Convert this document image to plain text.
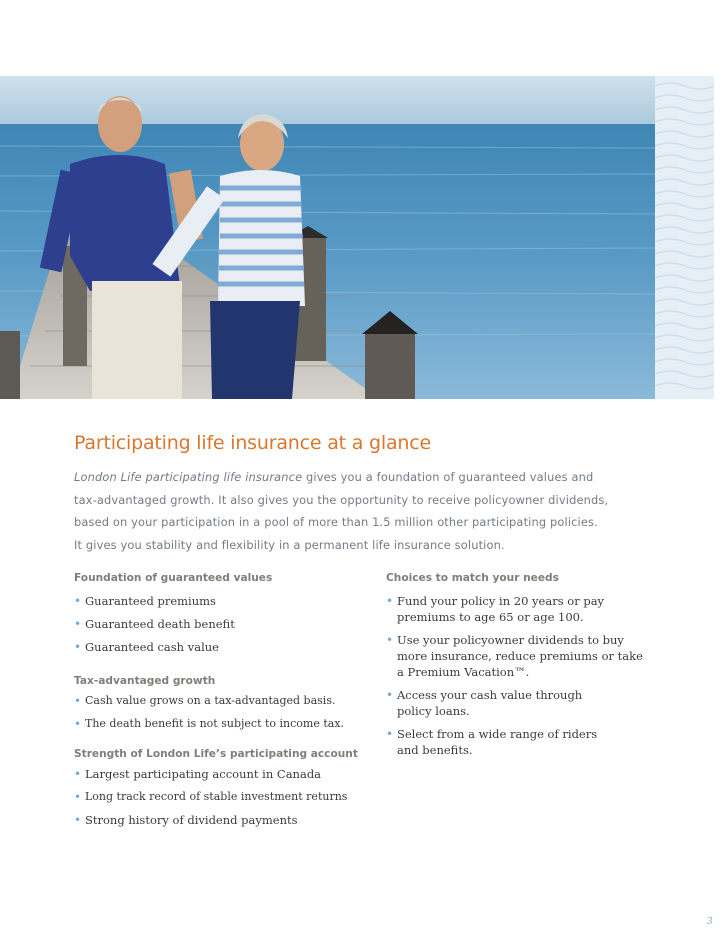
Participating life insurance at a glance
London Life participating life insurance gives you a foundation of guaranteed values and
tax-advantaged growth. It also gives you the opportunity to receive policyowner dividends,
based on your participation in a pool of more than 1.5 million other participating policies.
It gives you stability and flexibility in a permanent life insurance solution.
Foundation of guaranteed values
• Guaranteed premiums
• Guaranteed death benefit
• Guaranteed cash value
Tax-advantaged growth
• Cash value grows on a tax-advantaged basis.
• The death benefit is not subject to income tax.
Strength of London Life’s participating account
• Largest participating account in Canada
• Long track record of stable investment returns
• Strong history of dividend payments
Choices to match your needs
• Fund your policy in 20 years or pay
premiums to age 65 or age 100.
• Use your policyowner dividends to buy
more insurance, reduce premiums or take
a Premium Vacation™.
• Access your cash value through
policy loans.
• Select from a wide range of riders
and benefits.
3
